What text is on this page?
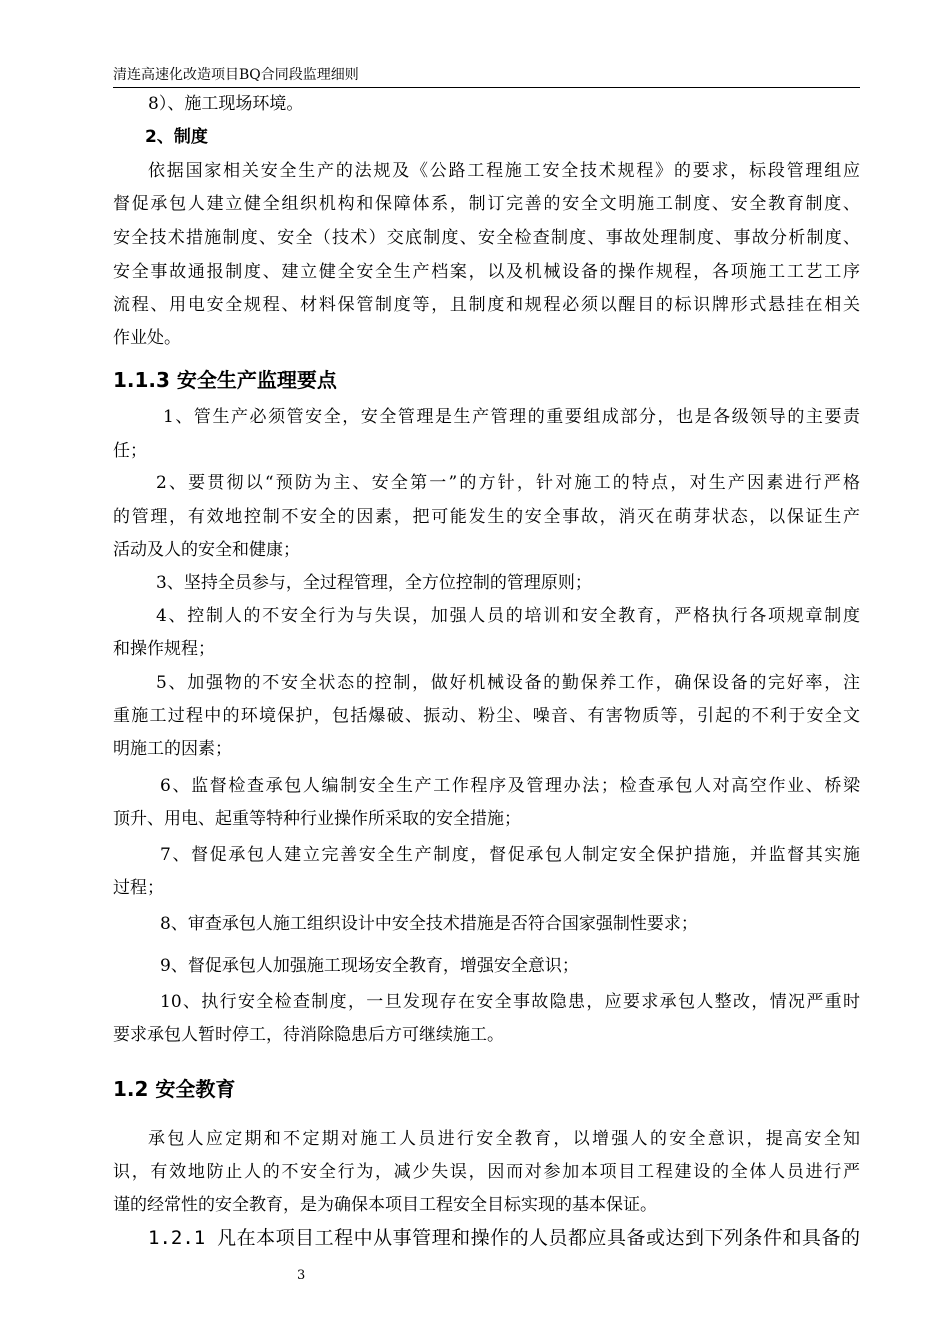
清连高速化改造项目BQ合同段监理细则
8）、施工现场环境。
2、制度
依据国家相关安全生产的法规及《公路工程施工安全技术规程》的要求，标段管理组应
督促承包人建立健全组织机构和保障体系，制订完善的安全文明施工制度、安全教育制度、
安全技术措施制度、安全（技术）交底制度、安全检查制度、事故处理制度、事故分析制度、
安全事故通报制度、建立健全安全生产档案，以及机械设备的操作规程，各项施工工艺工序
流程、用电安全规程、材料保管制度等，且制度和规程必须以醒目的标识牌形式悬挂在相关
作业处。
1.1.3 安全生产监理要点
1、管生产必须管安全，安全管理是生产管理的重要组成部分，也是各级领导的主要责
任；
2、要贯彻以“预防为主、安全第一”的方针，针对施工的特点，对生产因素进行严格
的管理，有效地控制不安全的因素，把可能发生的安全事故，消灭在萌芽状态，以保证生产
活动及人的安全和健康；
3、坚持全员参与，全过程管理，全方位控制的管理原则；
4、控制人的不安全行为与失误，加强人员的培训和安全教育，严格执行各项规章制度
和操作规程；
5、加强物的不安全状态的控制，做好机械设备的勤保养工作，确保设备的完好率，注
重施工过程中的环境保护，包括爆破、振动、粉尘、噪音、有害物质等，引起的不利于安全文
明施工的因素；
6、监督检查承包人编制安全生产工作程序及管理办法；检查承包人对高空作业、桥梁
顶升、用电、起重等特种行业操作所采取的安全措施；
7、督促承包人建立完善安全生产制度，督促承包人制定安全保护措施，并监督其实施
过程；
8、审查承包人施工组织设计中安全技术措施是否符合国家强制性要求；
9、督促承包人加强施工现场安全教育，增强安全意识；
10、执行安全检查制度，一旦发现存在安全事故隐患，应要求承包人整改，情况严重时
要求承包人暂时停工，待消除隐患后方可继续施工。
1.2 安全教育
承包人应定期和不定期对施工人员进行安全教育，以增强人的安全意识，提高安全知
识，有效地防止人的不安全行为，减少失误，因而对参加本项目工程建设的全体人员进行严
谨的经常性的安全教育，是为确保本项目工程安全目标实现的基本保证。
1.2.1 凡在本项目工程中从事管理和操作的人员都应具备或达到下列条件和具备的
3
